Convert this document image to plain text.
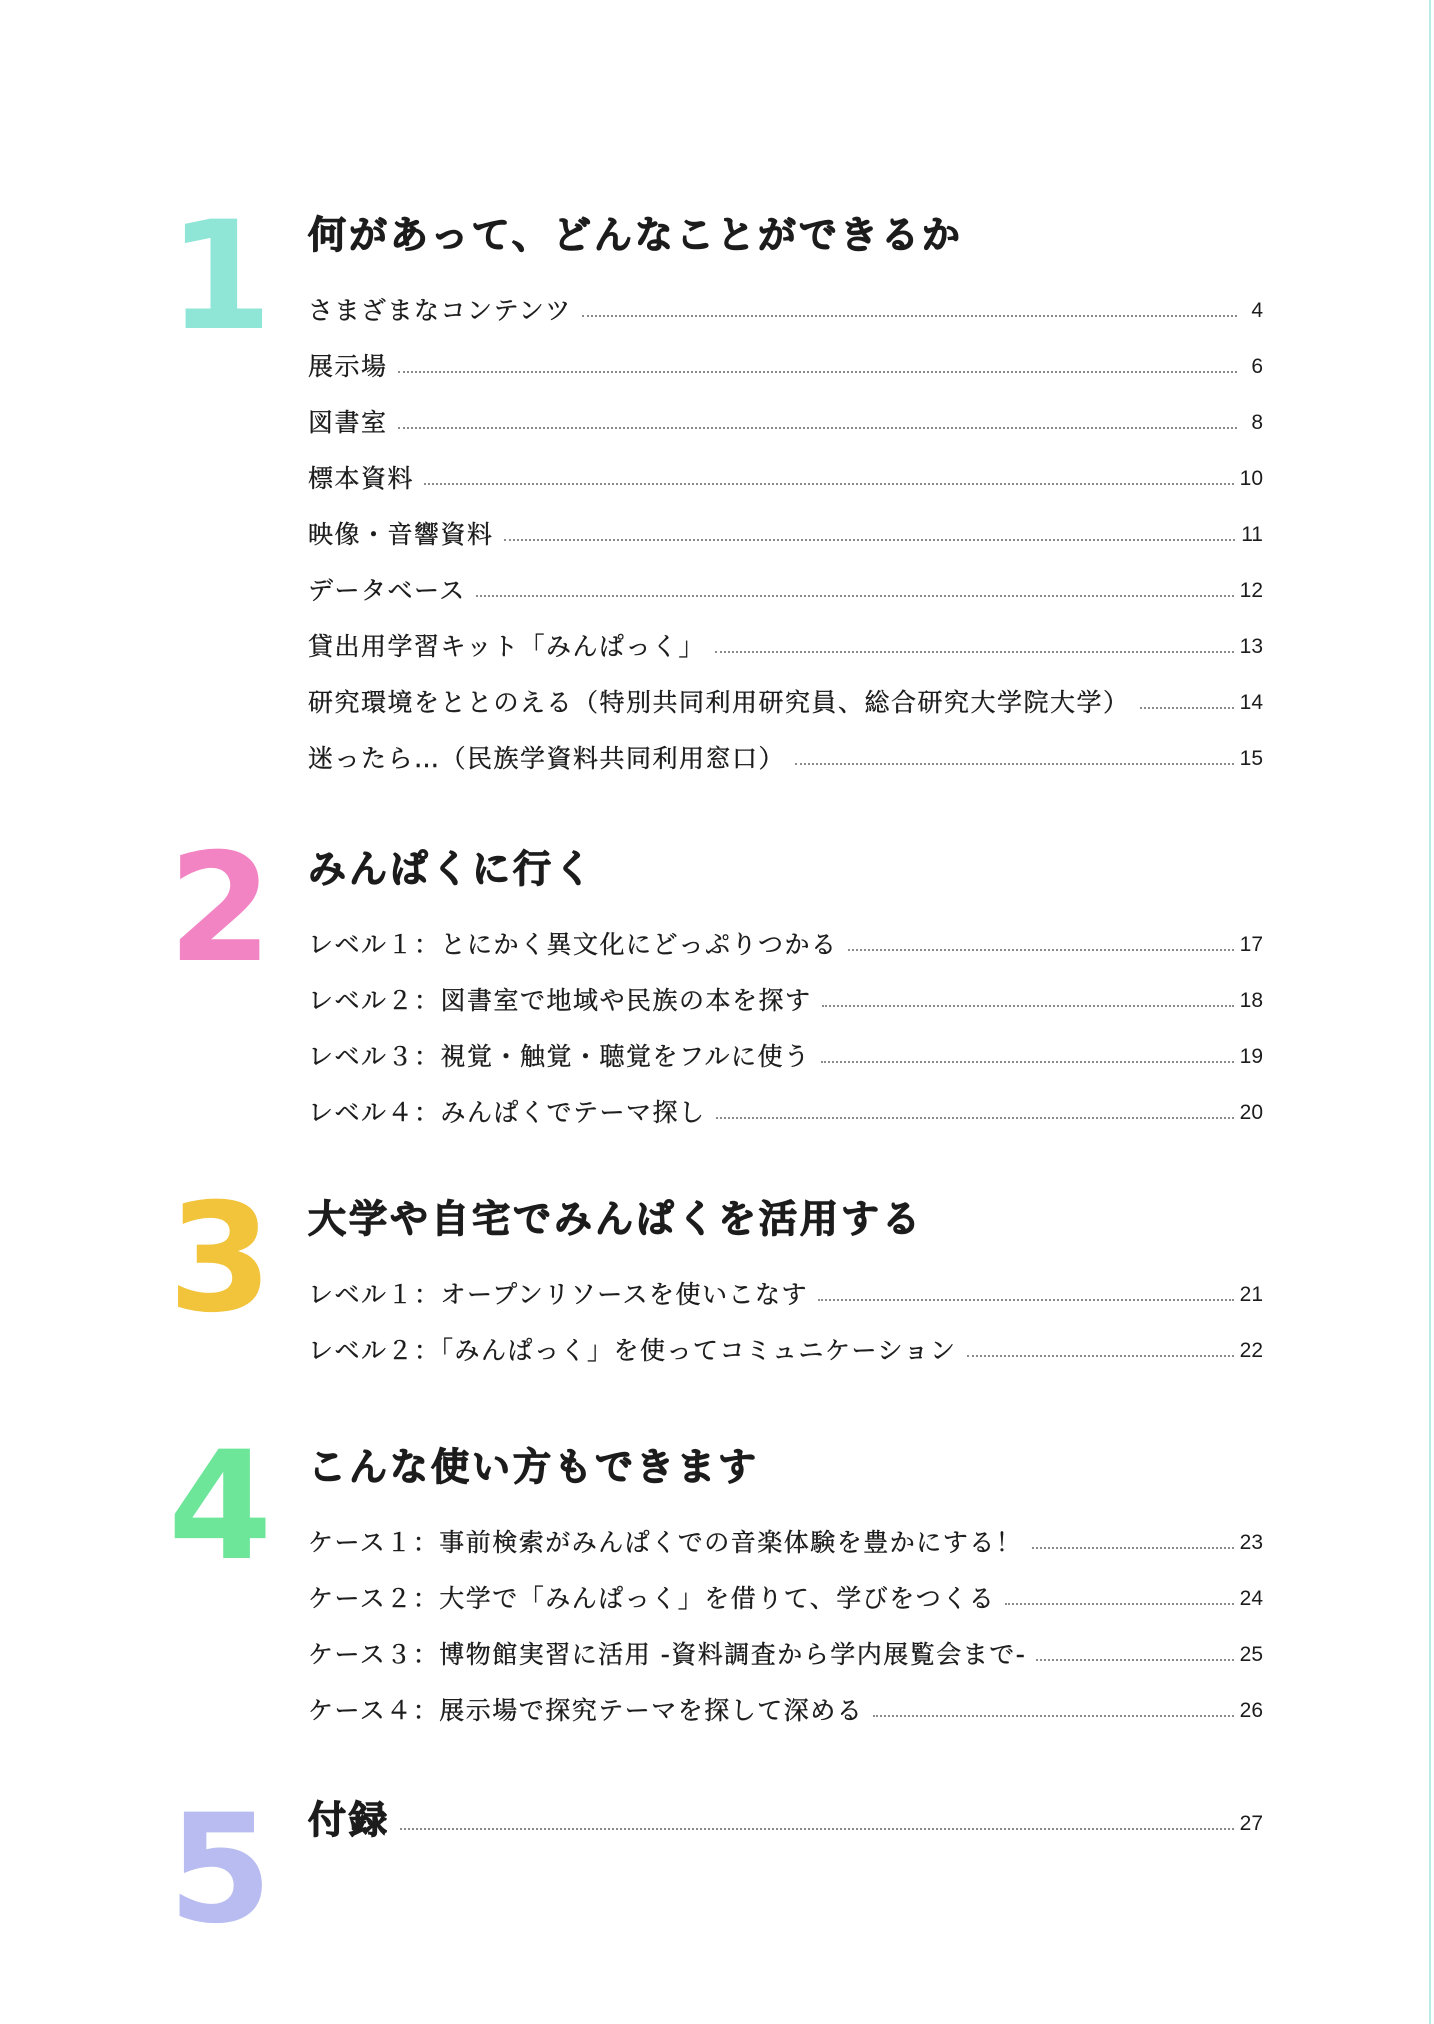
1 何があって、どんなことができるか
さまざまなコンテンツ	4
展示場	6
図書室	8
標本資料	10
映像・音響資料	11
データベース	12
貸出用学習キット「みんぱっく」	13
研究環境をととのえる（特別共同利用研究員、総合研究大学院大学）	14
迷ったら…（民族学資料共同利用窓口）	15
2 みんぱくに行く
レベル１：とにかく異文化にどっぷりつかる	17
レベル２：図書室で地域や民族の本を探す	18
レベル３：視覚・触覚・聴覚をフルに使う	19
レベル４：みんぱくでテーマ探し	20
3 大学や自宅でみんぱくを活用する
レベル１：オープンリソースを使いこなす	21
レベル２：「みんぱっく」を使ってコミュニケーション	22
4 こんな使い方もできます
ケース１：事前検索がみんぱくでの音楽体験を豊かにする！	23
ケース２：大学で「みんぱっく」を借りて、学びをつくる	24
ケース３：博物館実習に活用 -資料調査から学内展覧会まで-	25
ケース４：展示場で探究テーマを探して深める	26
5 付録	27
